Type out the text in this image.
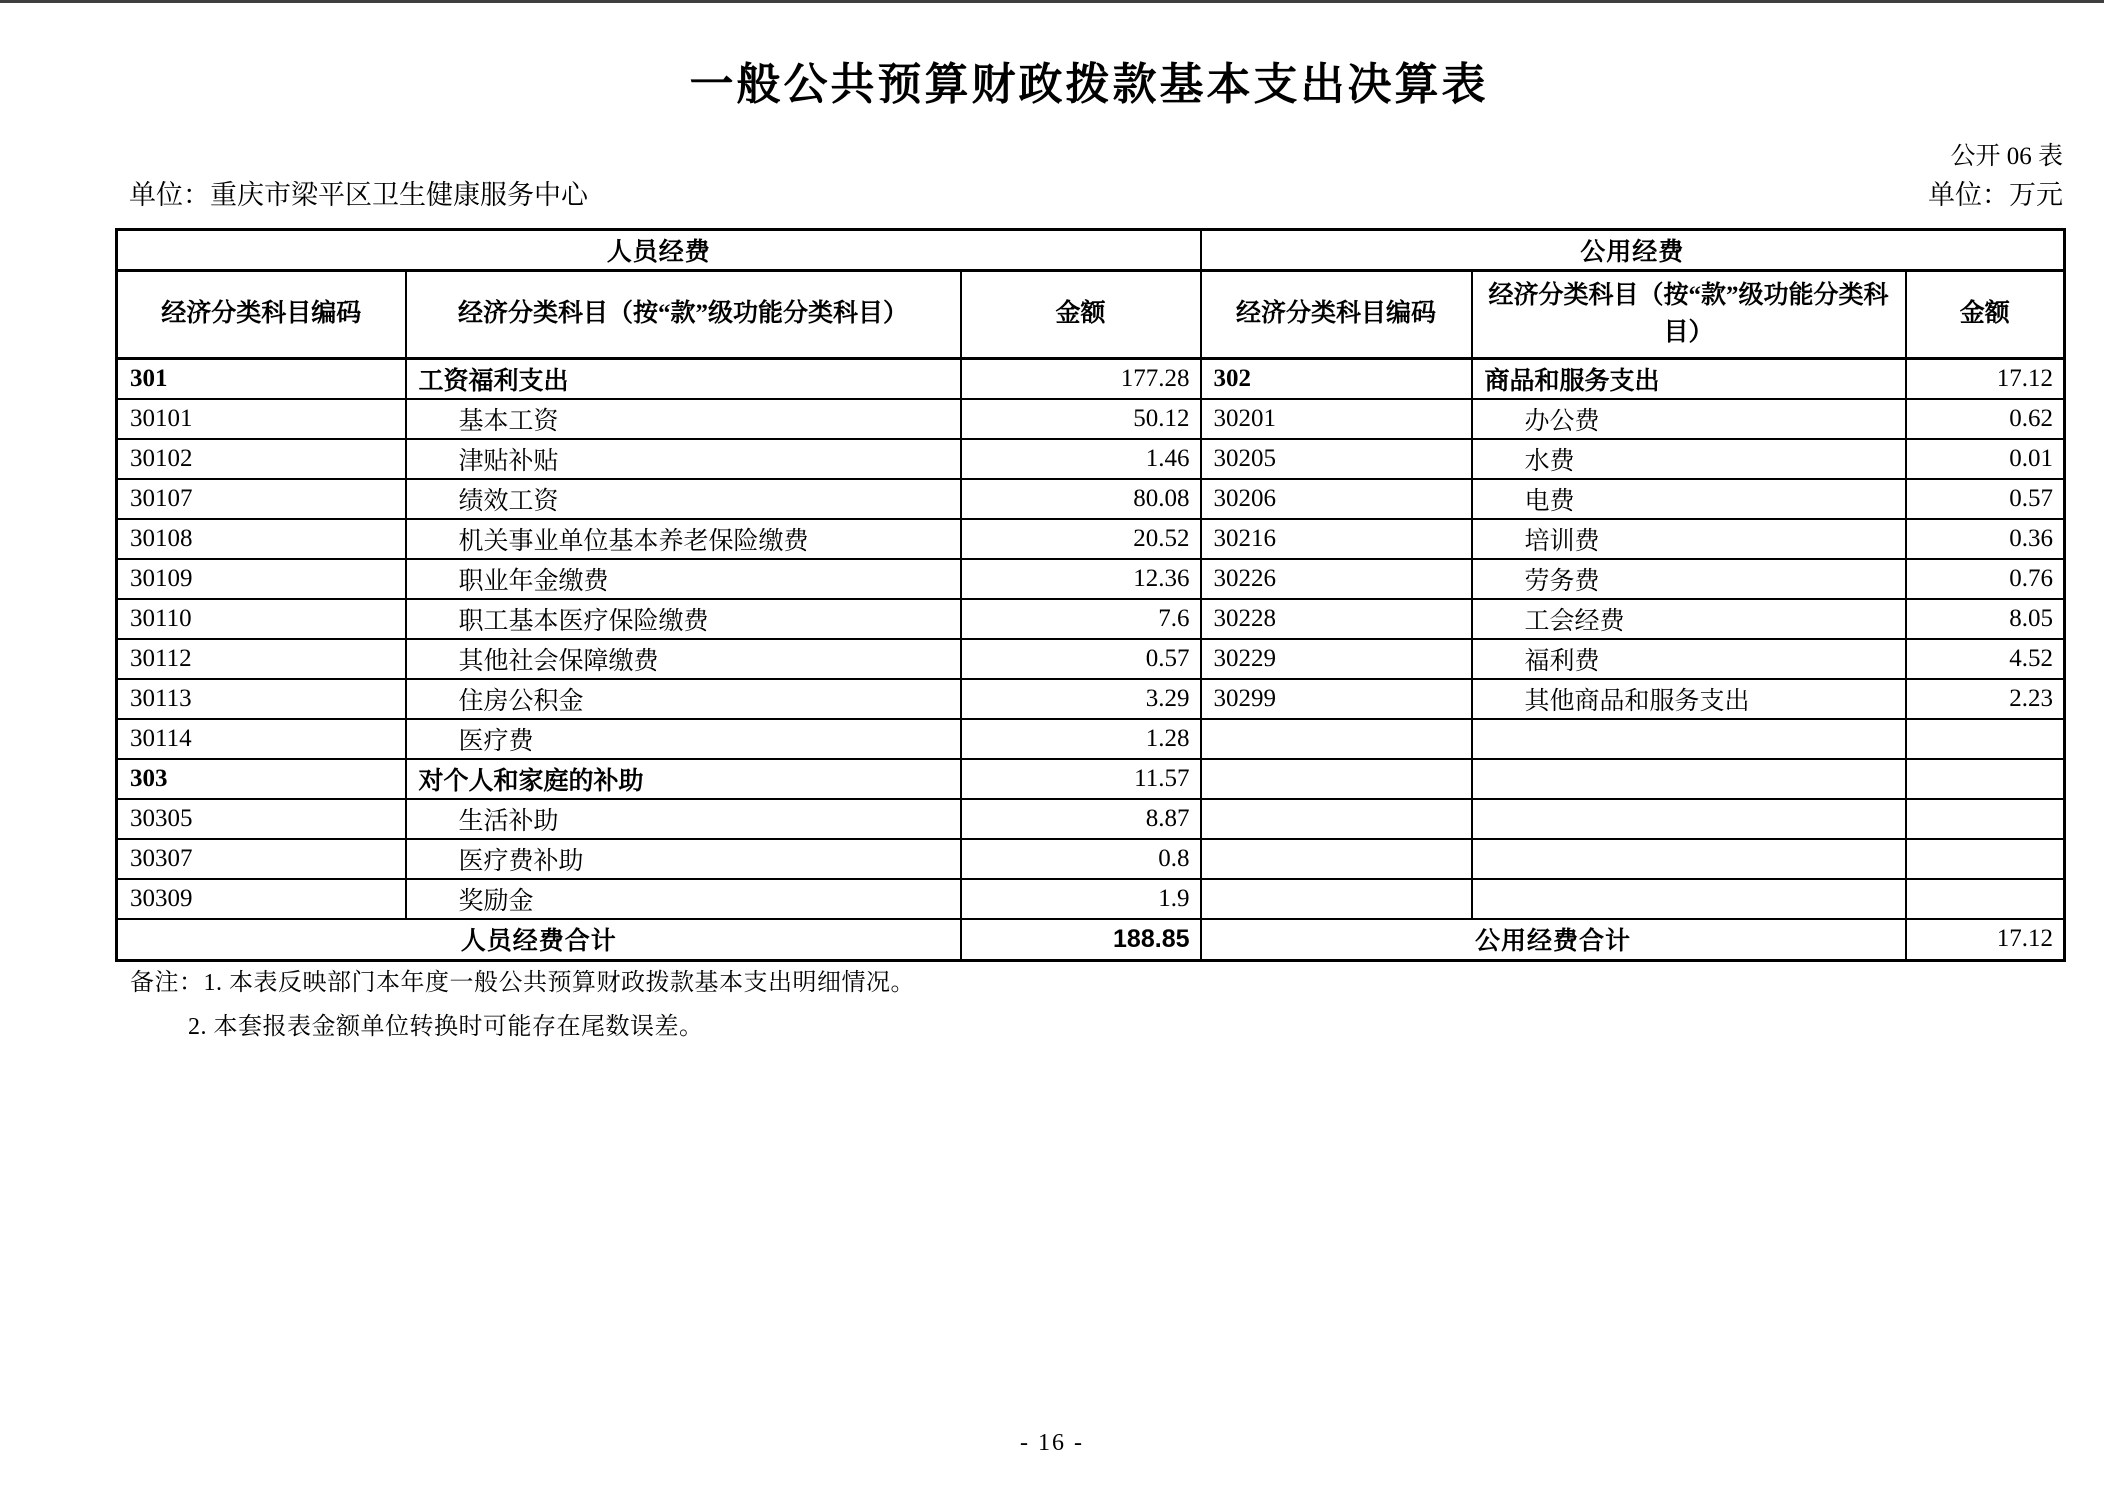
一般公共预算财政拨款基本支出决算表
公开 06 表
单位：重庆市梁平区卫生健康服务中心	单位：万元
人员经费			公用经费		
经济分类科目编码	经济分类科目（按“款”级功能分类科目）	金额	经济分类科目编码	经济分类科目（按“款”级功能分类科目）	金额
301	工资福利支出	177.28	302	商品和服务支出	17.12
30101	基本工资	50.12	30201	办公费	0.62
30102	津贴补贴	1.46	30205	水费	0.01
30107	绩效工资	80.08	30206	电费	0.57
30108	机关事业单位基本养老保险缴费	20.52	30216	培训费	0.36
30109	职业年金缴费	12.36	30226	劳务费	0.76
30110	职工基本医疗保险缴费	7.6	30228	工会经费	8.05
30112	其他社会保障缴费	0.57	30229	福利费	4.52
30113	住房公积金	3.29	30299	其他商品和服务支出	2.23
30114	医疗费	1.28			
303	对个人和家庭的补助	11.57			
30305	生活补助	8.87			
30307	医疗费补助	0.8			
30309	奖励金	1.9			
人员经费合计		188.85	公用经费合计		17.12
备注：1. 本表反映部门本年度一般公共预算财政拨款基本支出明细情况。
2. 本套报表金额单位转换时可能存在尾数误差。
- 16 -
